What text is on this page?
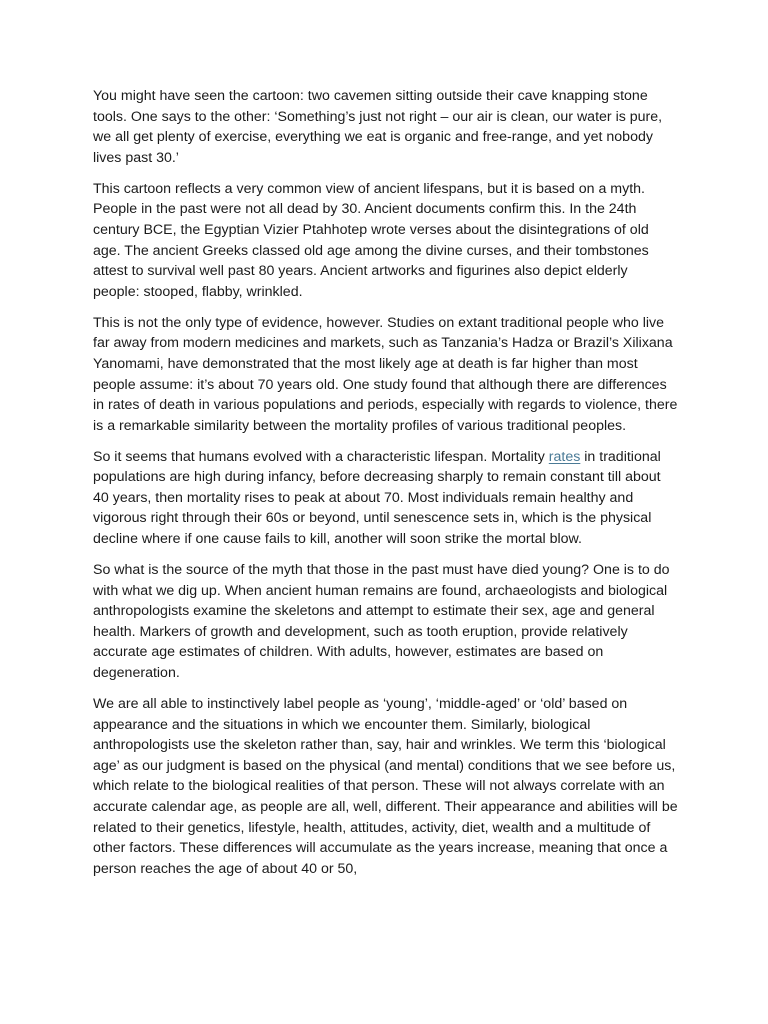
You might have seen the cartoon: two cavemen sitting outside their cave knapping stone tools. One says to the other: ‘Something’s just not right – our air is clean, our water is pure, we all get plenty of exercise, everything we eat is organic and free-range, and yet nobody lives past 30.’

This cartoon reflects a very common view of ancient lifespans, but it is based on a myth. People in the past were not all dead by 30. Ancient documents confirm this. In the 24th century BCE, the Egyptian Vizier Ptahhotep wrote verses about the disintegrations of old age. The ancient Greeks classed old age among the divine curses, and their tombstones attest to survival well past 80 years. Ancient artworks and figurines also depict elderly people: stooped, flabby, wrinkled.

This is not the only type of evidence, however. Studies on extant traditional people who live far away from modern medicines and markets, such as Tanzania’s Hadza or Brazil’s Xilixana Yanomami, have demonstrated that the most likely age at death is far higher than most people assume: it’s about 70 years old. One study found that although there are differences in rates of death in various populations and periods, especially with regards to violence, there is a remarkable similarity between the mortality profiles of various traditional peoples.

So it seems that humans evolved with a characteristic lifespan. Mortality rates in traditional populations are high during infancy, before decreasing sharply to remain constant till about 40 years, then mortality rises to peak at about 70. Most individuals remain healthy and vigorous right through their 60s or beyond, until senescence sets in, which is the physical decline where if one cause fails to kill, another will soon strike the mortal blow.

So what is the source of the myth that those in the past must have died young? One is to do with what we dig up. When ancient human remains are found, archaeologists and biological anthropologists examine the skeletons and attempt to estimate their sex, age and general health. Markers of growth and development, such as tooth eruption, provide relatively accurate age estimates of children. With adults, however, estimates are based on degeneration.

We are all able to instinctively label people as ‘young’, ‘middle-aged’ or ‘old’ based on appearance and the situations in which we encounter them. Similarly, biological anthropologists use the skeleton rather than, say, hair and wrinkles. We term this ‘biological age’ as our judgment is based on the physical (and mental) conditions that we see before us, which relate to the biological realities of that person. These will not always correlate with an accurate calendar age, as people are all, well, different. Their appearance and abilities will be related to their genetics, lifestyle, health, attitudes, activity, diet, wealth and a multitude of other factors. These differences will accumulate as the years increase, meaning that once a person reaches the age of about 40 or 50,
